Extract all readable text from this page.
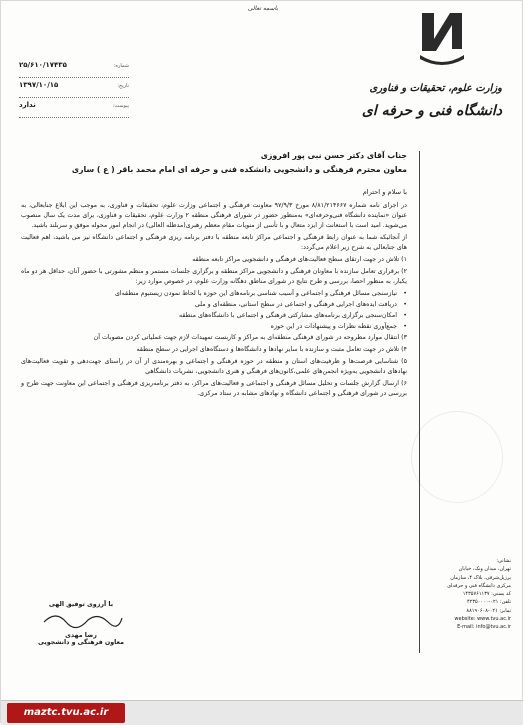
باسمه تعالی
شماره:
۲۵/۶۱۰/۱۷۴۳۵
تاریخ:
۱۳۹۷/۱۰/۱۵
پیوست:
ندارد
وزارت علوم، تحقیقات و فناوری
دانشگاه فنی و حرفه ای
جناب آقای دکتر حسن نبی پور افروزی
معاون محترم فرهنگی و دانشجویی دانشکده فنی و حرفه ای امام محمد باقر ( ع ) ساری
با سلام و احترام
در اجرای نامه شماره ۸/۸۱/۲۱۴۶۶۷ مورخ ۹۷/۹/۳ معاونت فرهنگی و اجتماعی وزارت علوم، تحقیقات و فناوری، به موجب این ابلاغ جنابعالی، به عنوان «نماینده دانشگاه فنی‌وحرفه‌ای» به‌منظور حضور در شورای فرهنگی منطقه ۲ وزارت علوم، تحقیقات و فناوری، برای مدت یک سال منصوب می‌شوید. امید است با استعانت از ایزد متعال و با تأسی از منویات مقام معظم رهبری(مدظله العالی) در انجام امور محوله موفق و سربلند باشید.
از آنجائیکه شما به عنوان رابط فرهنگی و اجتماعی مراکز تابعه منطقه با دفتر برنامه ریزی فرهنگی و اجتماعی دانشگاه نیز می باشید، اهم فعالیت های جنابعالی به شرح زیر اعلام می‌گردد:
۱) تلاش در جهت ارتقای سطح فعالیت‌های فرهنگی و دانشجویی مراکز تابعه منطقه
۲) برقراری تعامل سازنده با معاونان فرهنگی و دانشجویی مراکز منطقه و برگزاری جلسات مستمر و منظم مشورتی با حضور آنان، حداقل هر دو ماه یکبار، به منظور احصا، بررسی و طرح نتایج در شورای مناطق دهگانه وزارت علوم، در خصوص موارد زیر:
• نیازسنجی مسائل فرهنگی و اجتماعی و آسیب شناسی برنامه‌های این حوزه با لحاظ نمودن زیستبوم منطقه‌ای
• دریافت ایده‌های اجرایی فرهنگی و اجتماعی در سطح استانی، منطقه‌ای و ملی
• امکان‌سنجی برگزاری برنامه‌های مشارکتی فرهنگی و اجتماعی با دانشگاه‌های منطقه
• جمع‌آوری نقطه نظرات و پیشنهادات در این حوزه
۳) انتقال موارد مطروحه در شورای فرهنگی منطقه‌ای به مراکز و کاربست تمهیدات لازم جهت عملیاتی کردن مصوبات آن
۴) تلاش در جهت تعامل مثبت و سازنده با سایر نهادها و دانشگاه‌ها و دستگاه‌های اجرایی در سطح منطقه
۵) شناسایی فرصت‌ها و ظرفیت‌های استان و منطقه در حوزه فرهنگی و اجتماعی و بهره‌مندی از آن در راستای جهت‌دهی و تقویت فعالیت‌های نهادهای دانشجویی به‌ویژه انجمن‌های علمی،کانون‌های فرهنگی و هنری دانشجویی، نشریات دانشگاهی
۶) ارسال گزارش جلسات و تحلیل مسائل فرهنگی و اجتماعی و فعالیت‌های مراکز، به دفتر برنامه‌ریزی فرهنگی و اجتماعی این معاونت جهت طرح و بررسی در شورای فرهنگی و اجتماعی دانشگاه و نهادهای مشابه در ستاد مرکزی.
نشانی:
تهران، میدان ونک، خیابان
برزیل‌شرقی، پلاک ۴، سازمان
مرکزی دانشگاه فنی و حرفه‌ای
کد پستی: ۱۴۳۵۷۶۱۱۳۷
تلفن: ۰۲۱-۴۲۳۵۰۰۰۰
نمابر: ۰۲۱-۸۸۱۹۰۶۰۸
website: www.tvu.ac.ir
E-mail: info@tvu.ac.ir
با آرزوی توفیق الهی
رضا مهدی
معاون فرهنگی و دانشجویی
maztc.tvu.ac.ir
